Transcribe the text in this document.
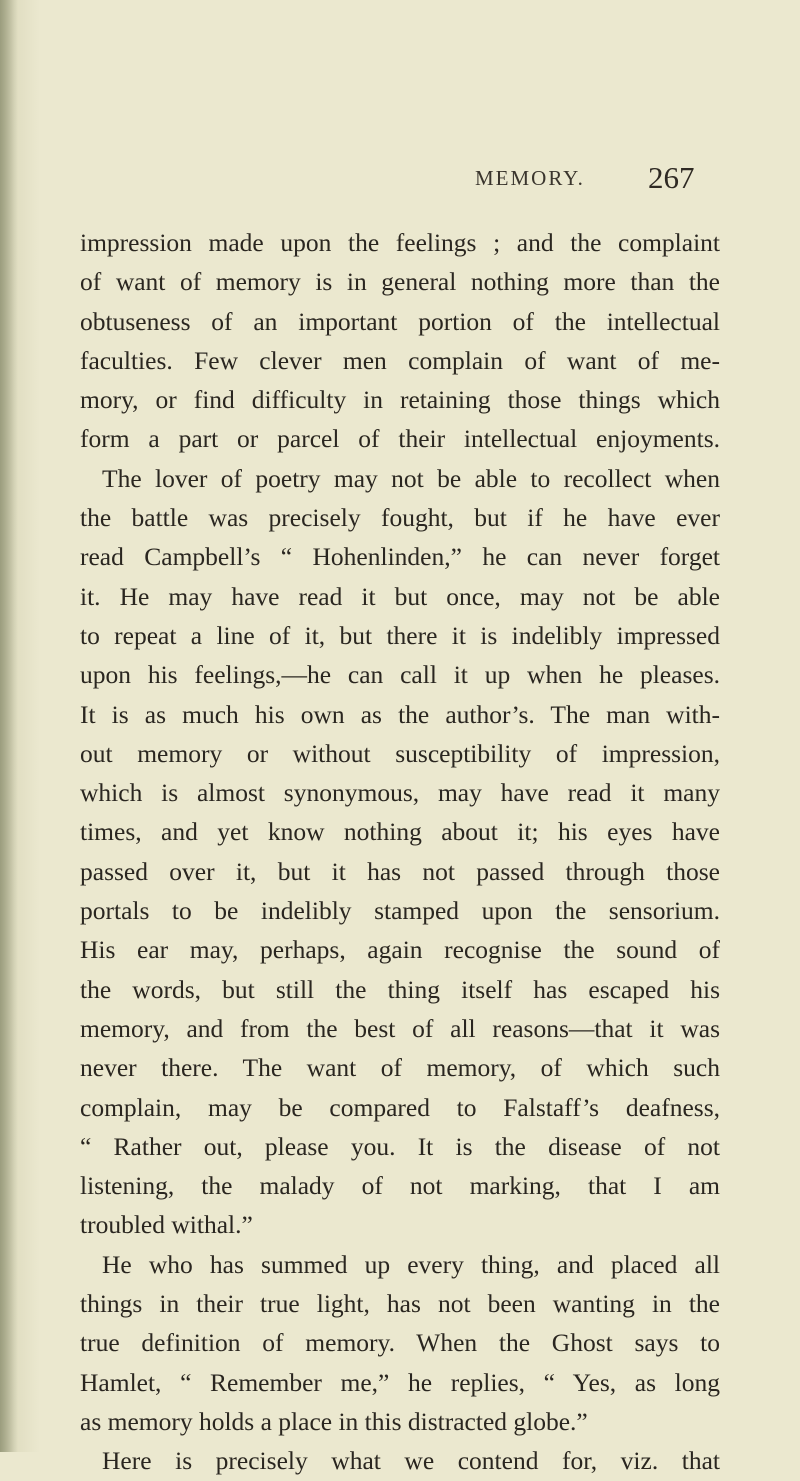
MEMORY. 267
impression made upon the feelings ; and the complaint
of want of memory is in general nothing more than the
obtuseness of an important portion of the intellectual
faculties. Few clever men complain of want of me-
mory, or find difficulty in retaining those things which
form a part or parcel of their intellectual enjoyments.
The lover of poetry may not be able to recollect when
the battle was precisely fought, but if he have ever
read Campbell’s “ Hohenlinden,” he can never forget
it. He may have read it but once, may not be able
to repeat a line of it, but there it is indelibly impressed
upon his feelings,—he can call it up when he pleases.
It is as much his own as the author’s. The man with-
out memory or without susceptibility of impression,
which is almost synonymous, may have read it many
times, and yet know nothing about it; his eyes have
passed over it, but it has not passed through those
portals to be indelibly stamped upon the sensorium.
His ear may, perhaps, again recognise the sound of
the words, but still the thing itself has escaped his
memory, and from the best of all reasons—that it was
never there. The want of memory, of which such
complain, may be compared to Falstaff’s deafness,
“ Rather out, please you. It is the disease of not
listening, the malady of not marking, that I am
troubled withal.”
He who has summed up every thing, and placed all
things in their true light, has not been wanting in the
true definition of memory. When the Ghost says to
Hamlet, “ Remember me,” he replies, “ Yes, as long
as memory holds a place in this distracted globe.”
Here is precisely what we contend for, viz. that
